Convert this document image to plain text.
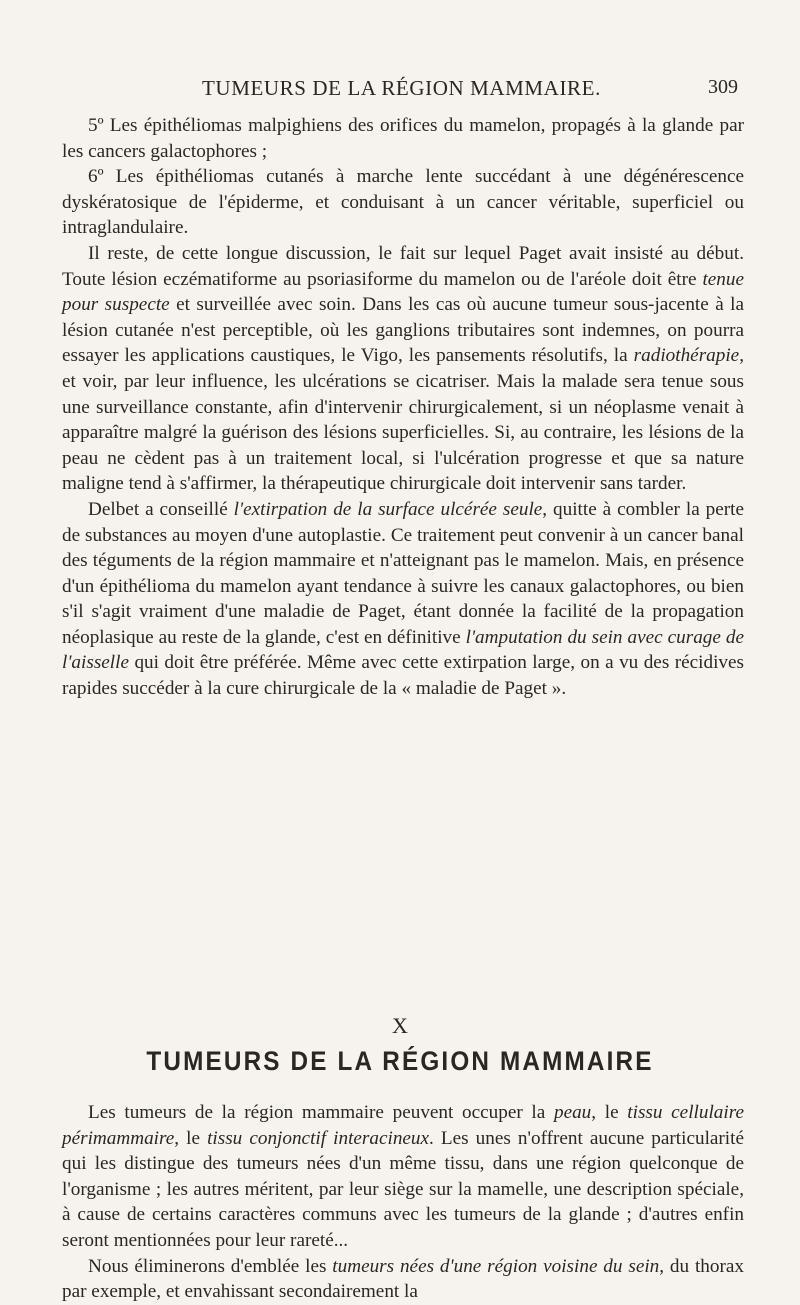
TUMEURS DE LA RÉGION MAMMAIRE.	309

5º Les épithéliomas malpighiens des orifices du mamelon, propagés à la glande par les cancers galactophores ;

6º Les épithéliomas cutanés à marche lente succédant à une dégénérescence dyskératosique de l'épiderme, et conduisant à un cancer véritable, superficiel ou intraglandulaire.

Il reste, de cette longue discussion, le fait sur lequel Paget avait insisté au début. Toute lésion eczématiforme au psoriasiforme du mamelon ou de l'aréole doit être tenue pour suspecte et surveillée avec soin. Dans les cas où aucune tumeur sous-jacente à la lésion cutanée n'est perceptible, où les ganglions tributaires sont indemnes, on pourra essayer les applications caustiques, le Vigo, les pansements résolutifs, la radiothérapie, et voir, par leur influence, les ulcérations se cicatriser. Mais la malade sera tenue sous une surveillance constante, afin d'intervenir chirurgicalement, si un néoplasme venait à apparaître malgré la guérison des lésions superficielles. Si, au contraire, les lésions de la peau ne cèdent pas à un traitement local, si l'ulcération progresse et que sa nature maligne tend à s'affirmer, la thérapeutique chirurgicale doit intervenir sans tarder.

Delbet a conseillé l'extirpation de la surface ulcérée seule, quitte à combler la perte de substances au moyen d'une autoplastie. Ce traitement peut convenir à un cancer banal des téguments de la région mammaire et n'atteignant pas le mamelon. Mais, en présence d'un épithélioma du mamelon ayant tendance à suivre les canaux galactophores, ou bien s'il s'agit vraiment d'une maladie de Paget, étant donnée la facilité de la propagation néoplasique au reste de la glande, c'est en définitive l'amputation du sein avec curage de l'aisselle qui doit être préférée. Même avec cette extirpation large, on a vu des récidives rapides succéder à la cure chirurgicale de la « maladie de Paget ».

X
TUMEURS DE LA RÉGION MAMMAIRE

Les tumeurs de la région mammaire peuvent occuper la peau, le tissu cellulaire périmammaire, le tissu conjonctif interacineux. Les unes n'offrent aucune particularité qui les distingue des tumeurs nées d'un même tissu, dans une région quelconque de l'organisme ; les autres méritent, par leur siège sur la mamelle, une description spéciale, à cause de certains caractères communs avec les tumeurs de la glande ; d'autres enfin seront mentionnées pour leur rareté...

Nous éliminerons d'emblée les tumeurs nées d'une région voisine du sein, du thorax par exemple, et envahissant secondairement la
